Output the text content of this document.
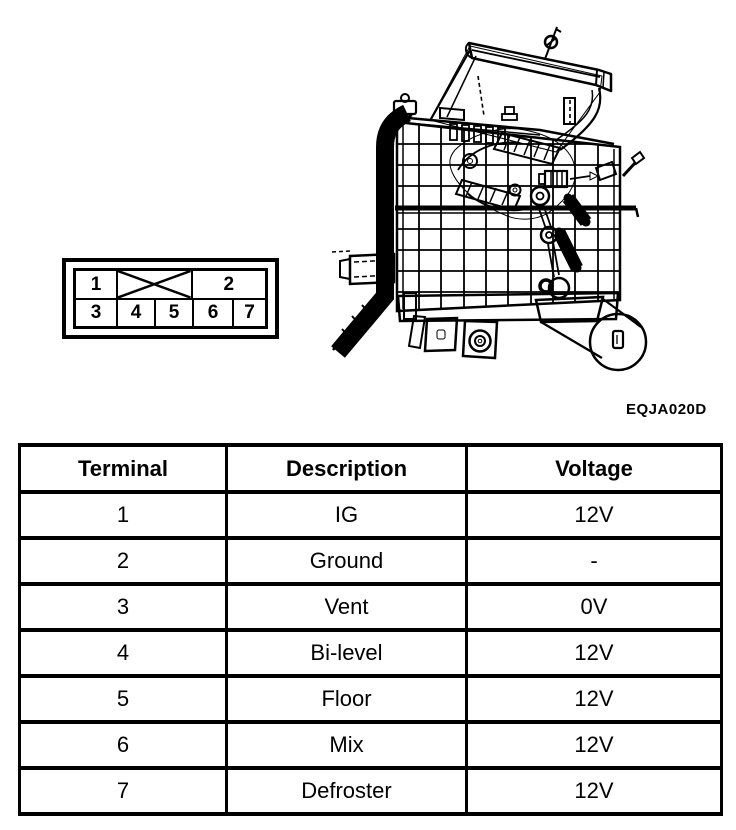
1	2
3 4 5 6 7
EQJA020D
Terminal	Description	Voltage
1	IG	12V
2	Ground	-
3	Vent	0V
4	Bi-level	12V
5	Floor	12V
6	Mix	12V
7	Defroster	12V
